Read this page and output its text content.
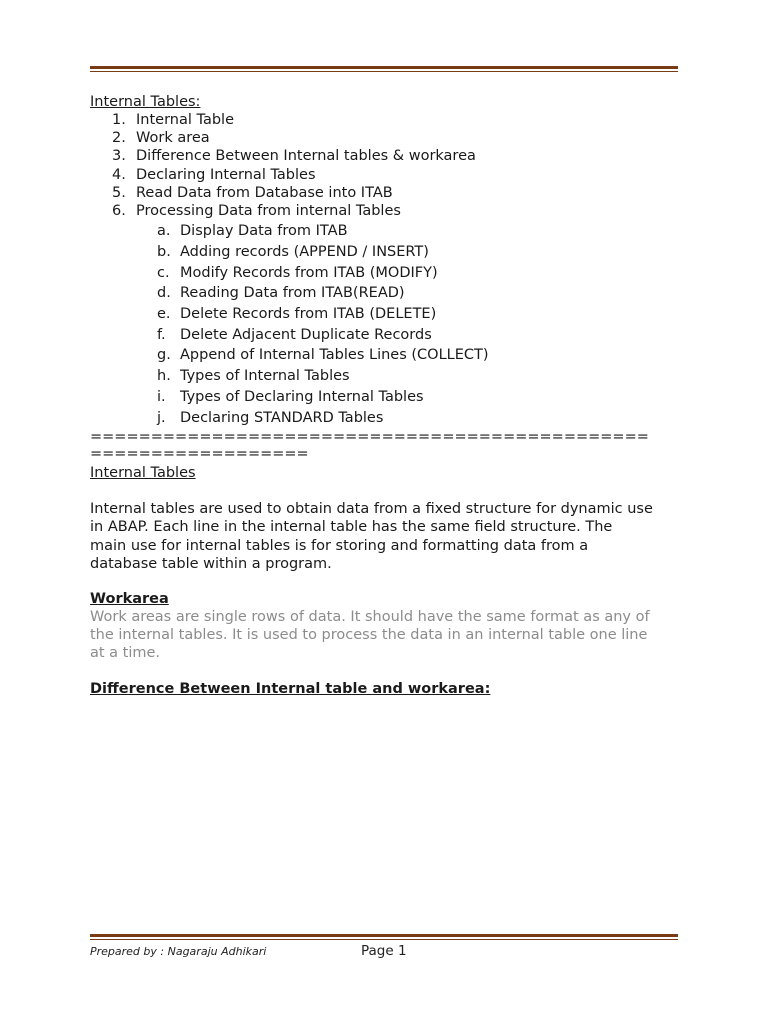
Internal Tables:
1. Internal Table
2. Work area
3. Difference Between Internal tables & workarea
4. Declaring Internal Tables
5. Read Data from Database into ITAB
6. Processing Data from internal Tables
a. Display Data from ITAB
b. Adding records (APPEND / INSERT)
c. Modify Records from ITAB (MODIFY)
d. Reading Data from ITAB(READ)
e. Delete Records from ITAB (DELETE)
f. Delete Adjacent Duplicate Records
g. Append of Internal Tables Lines (COLLECT)
h. Types of Internal Tables
i. Types of Declaring Internal Tables
j. Declaring STANDARD Tables
==============================================
==================
Internal Tables

Internal tables are used to obtain data from a fixed structure for dynamic use

in ABAP. Each line in the internal table has the same field structure. The

main use for internal tables is for storing and formatting data from a

database table within a program.

Workarea

Work areas are single rows of data. It should have the same format as any of

the internal tables. It is used to process the data in an internal table one line

at a time.

Difference Between Internal table and workarea:
Prepared by : Nagaraju Adhikari	Page 1
